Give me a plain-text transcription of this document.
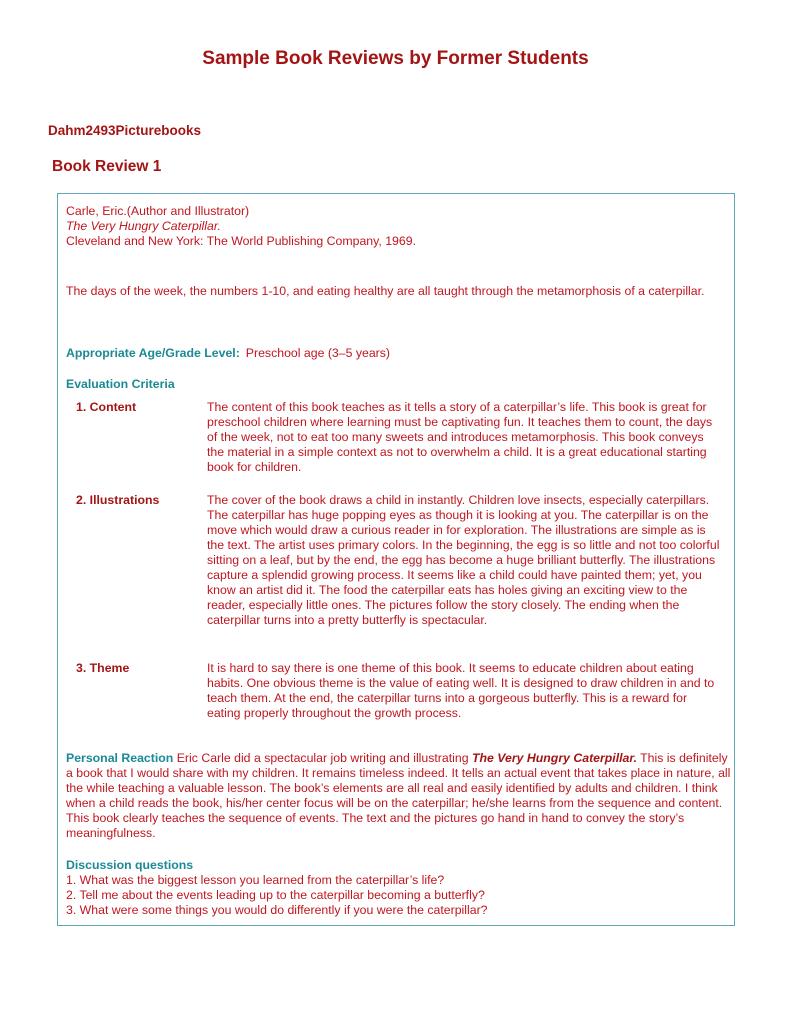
Sample Book Reviews by Former Students
Dahm2493Picturebooks
Book Review 1
Carle, Eric.(Author and Illustrator)
The Very Hungry Caterpillar.
Cleveland and New York: The World Publishing Company, 1969.

The days of the week, the numbers 1-10, and eating healthy are all taught through the metamorphosis of a caterpillar.

Appropriate Age/Grade Level: Preschool age (3–5 years)
Evaluation Criteria
1. Content	The content of this book teaches as it tells a story of a caterpillar’s life. This book is great for preschool children where learning must be captivating fun. It teaches them to count, the days of the week, not to eat too many sweets and introduces metamorphosis. This book conveys the material in a simple context as not to overwhelm a child. It is a great educational starting book for children.
2. Illustrations	The cover of the book draws a child in instantly. Children love insects, especially caterpillars. The caterpillar has huge popping eyes as though it is looking at you. The caterpillar is on the move which would draw a curious reader in for exploration. The illustrations are simple as is the text. The artist uses primary colors. In the beginning, the egg is so little and not too colorful sitting on a leaf, but by the end, the egg has become a huge brilliant butterfly. The illustrations capture a splendid growing process. It seems like a child could have painted them; yet, you know an artist did it. The food the caterpillar eats has holes giving an exciting view to the reader, especially little ones. The pictures follow the story closely. The ending when the caterpillar turns into a pretty butterfly is spectacular.
3. Theme	It is hard to say there is one theme of this book. It seems to educate children about eating habits. One obvious theme is the value of eating well. It is designed to draw children in and to teach them. At the end, the caterpillar turns into a gorgeous butterfly. This is a reward for eating properly throughout the growth process.

Personal Reaction Eric Carle did a spectacular job writing and illustrating The Very Hungry Caterpillar. This is definitely a book that I would share with my children. It remains timeless indeed. It tells an actual event that takes place in nature, all the while teaching a valuable lesson. The book’s elements are all real and easily identified by adults and children. I think when a child reads the book, his/her center focus will be on the caterpillar; he/she learns from the sequence and content. This book clearly teaches the sequence of events. The text and the pictures go hand in hand to convey the story’s meaningfulness.

Discussion questions
1. What was the biggest lesson you learned from the caterpillar’s life?
2. Tell me about the events leading up to the caterpillar becoming a butterfly?
3. What were some things you would do differently if you were the caterpillar?
